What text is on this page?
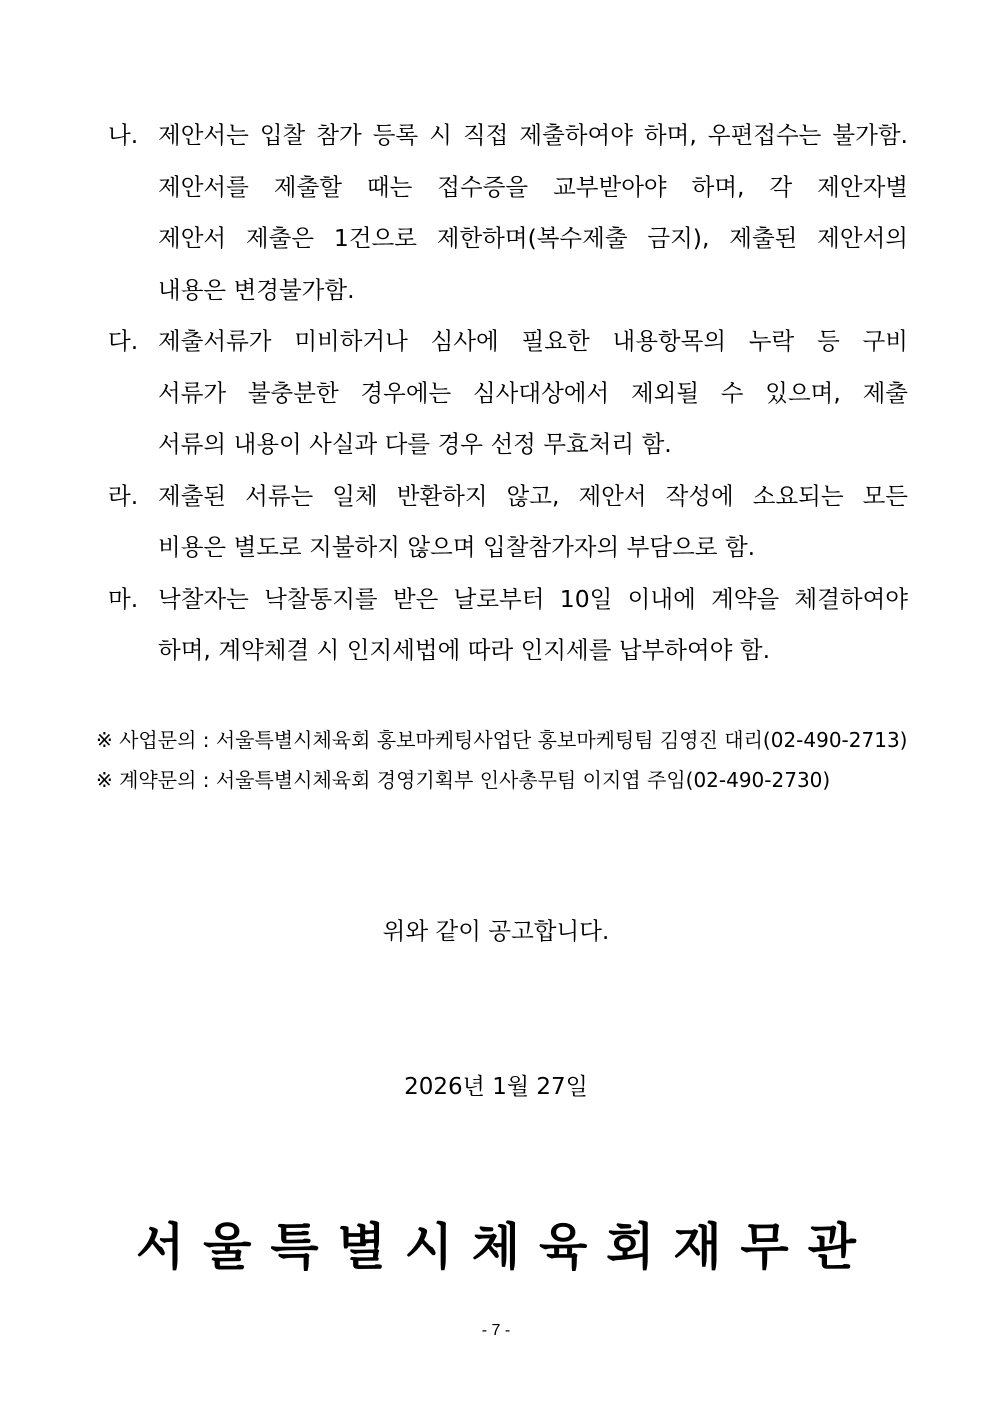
나. 제안서는 입찰 참가 등록 시 직접 제출하여야 하며, 우편접수는 불가함.
제안서를 제출할 때는 접수증을 교부받아야 하며, 각 제안자별
제안서 제출은 1건으로 제한하며(복수제출 금지), 제출된 제안서의
내용은 변경불가함.
다. 제출서류가 미비하거나 심사에 필요한 내용항목의 누락 등 구비
서류가 불충분한 경우에는 심사대상에서 제외될 수 있으며, 제출
서류의 내용이 사실과 다를 경우 선정 무효처리 함.
라. 제출된 서류는 일체 반환하지 않고, 제안서 작성에 소요되는 모든
비용은 별도로 지불하지 않으며 입찰참가자의 부담으로 함.
마. 낙찰자는 낙찰통지를 받은 날로부터 10일 이내에 계약을 체결하여야
하며, 계약체결 시 인지세법에 따라 인지세를 납부하여야 함.
※ 사업문의 : 서울특별시체육회 홍보마케팅사업단 홍보마케팅팀 김영진 대리(02-490-2713)
※ 계약문의 : 서울특별시체육회 경영기획부 인사총무팀 이지엽 주임(02-490-2730)
위와 같이 공고합니다.
2026년 1월 27일
서 울 특 별 시 체 육 회 재 무 관
- 7 -
